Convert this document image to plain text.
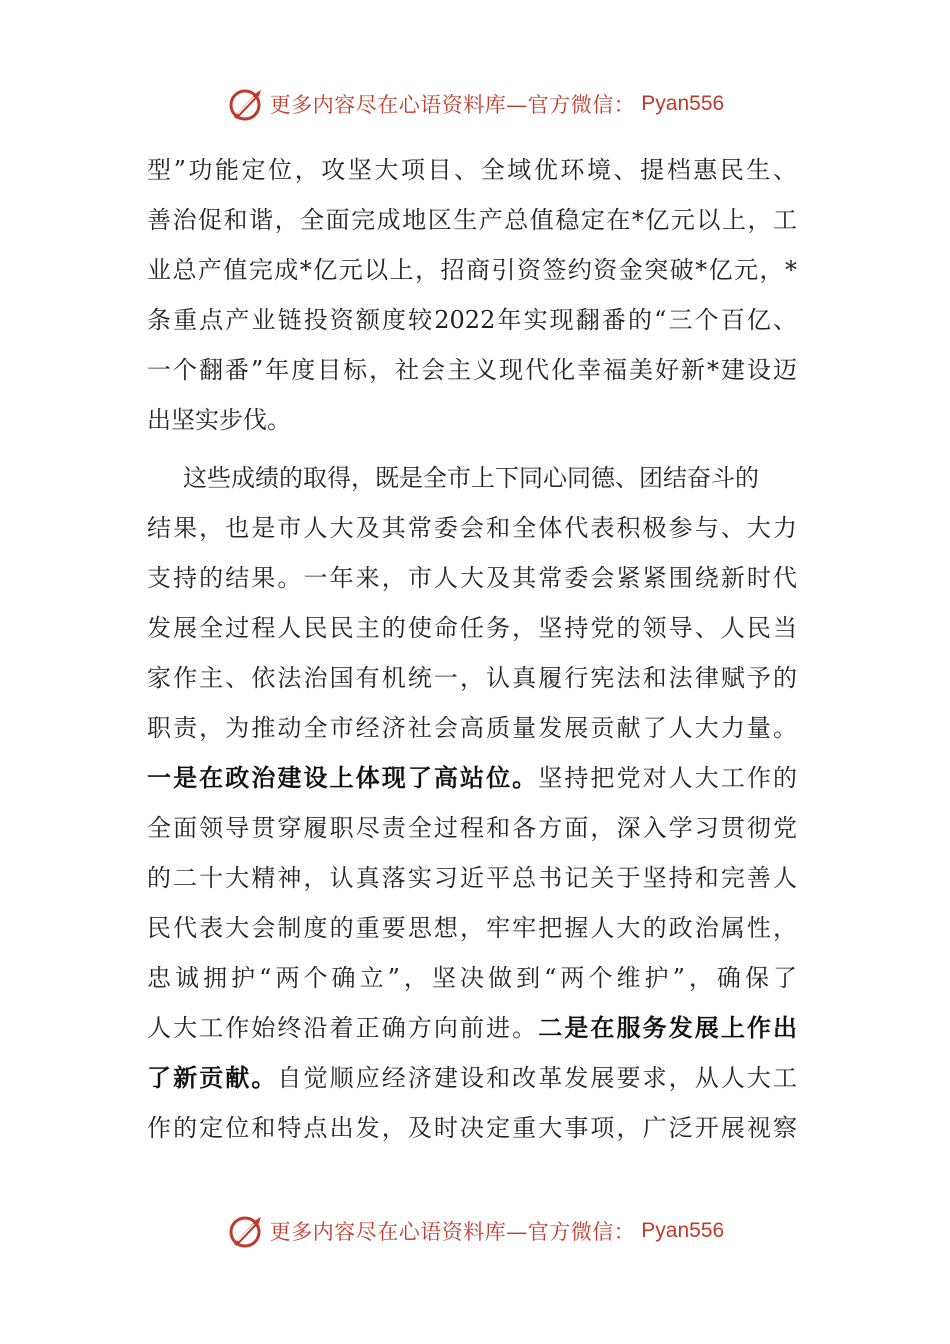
更多内容尽在心语资料库—官方微信： Pyan556
型”功能定位，攻坚大项目、全域优环境、提档惠民生、
善治促和谐，全面完成地区生产总值稳定在*亿元以上，工
业总产值完成*亿元以上，招商引资签约资金突破*亿元，*
条重点产业链投资额度较2022年实现翻番的“三个百亿、
一个翻番”年度目标，社会主义现代化幸福美好新*建设迈
出坚实步伐。
这些成绩的取得，既是全市上下同心同德、团结奋斗的
结果，也是市人大及其常委会和全体代表积极参与、大力
支持的结果。一年来，市人大及其常委会紧紧围绕新时代
发展全过程人民民主的使命任务，坚持党的领导、人民当
家作主、依法治国有机统一，认真履行宪法和法律赋予的
职责，为推动全市经济社会高质量发展贡献了人大力量。
一是在政治建设上体现了高站位。坚持把党对人大工作的
全面领导贯穿履职尽责全过程和各方面，深入学习贯彻党
的二十大精神，认真落实习近平总书记关于坚持和完善人
民代表大会制度的重要思想，牢牢把握人大的政治属性，
忠诚拥护“两个确立”，坚决做到“两个维护”，确保了
人大工作始终沿着正确方向前进。二是在服务发展上作出
了新贡献。自觉顺应经济建设和改革发展要求，从人大工
作的定位和特点出发，及时决定重大事项，广泛开展视察
更多内容尽在心语资料库—官方微信： Pyan556
